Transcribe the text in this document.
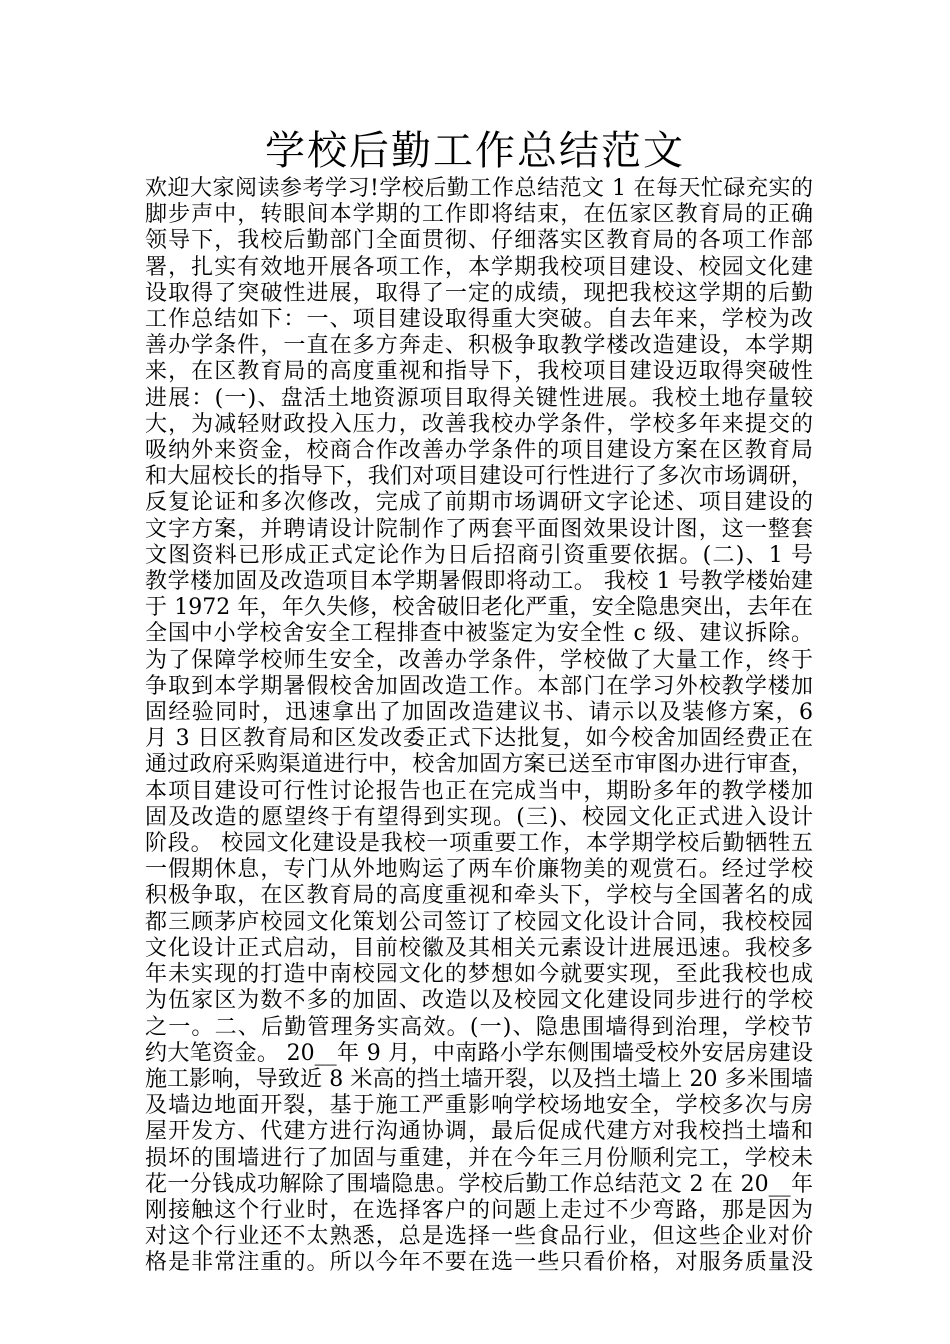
学校后勤工作总结范文

欢迎大家阅读参考学习!学校后勤工作总结范文 1 在每天忙碌充实的

脚步声中，转眼间本学期的工作即将结束，在伍家区教育局的正确

领导下，我校后勤部门全面贯彻、仔细落实区教育局的各项工作部

署，扎实有效地开展各项工作，本学期我校项目建设、校园文化建

设取得了突破性进展，取得了一定的成绩，现把我校这学期的后勤

工作总结如下：一、项目建设取得重大突破。自去年来，学校为改

善办学条件，一直在多方奔走、积极争取教学楼改造建设，本学期

来，在区教育局的高度重视和指导下，我校项目建设迈取得突破性

进展：(一)、盘活土地资源项目取得关键性进展。我校土地存量较

大，为减轻财政投入压力，改善我校办学条件，学校多年来提交的

吸纳外来资金，校商合作改善办学条件的项目建设方案在区教育局

和大屈校长的指导下，我们对项目建设可行性进行了多次市场调研，

反复论证和多次修改，完成了前期市场调研文字论述、项目建设的

文字方案，并聘请设计院制作了两套平面图效果设计图，这一整套

文图资料已形成正式定论作为日后招商引资重要依据。(二)、1 号

教学楼加固及改造项目本学期暑假即将动工。 我校 1 号教学楼始建

于 1972 年，年久失修，校舍破旧老化严重，安全隐患突出，去年在

全国中小学校舍安全工程排查中被鉴定为安全性 c 级、建议拆除。

为了保障学校师生安全，改善办学条件，学校做了大量工作，终于

争取到本学期暑假校舍加固改造工作。本部门在学习外校教学楼加

固经验同时，迅速拿出了加固改造建议书、请示以及装修方案，6

月 3 日区教育局和区发改委正式下达批复，如今校舍加固经费正在

通过政府采购渠道进行中，校舍加固方案已送至市审图办进行审查，

本项目建设可行性讨论报告也正在完成当中，期盼多年的教学楼加

固及改造的愿望终于有望得到实现。(三)、校园文化正式进入设计

阶段。 校园文化建设是我校一项重要工作，本学期学校后勤牺牲五

一假期休息，专门从外地购运了两车价廉物美的观赏石。经过学校

积极争取，在区教育局的高度重视和牵头下，学校与全国著名的成

都三顾茅庐校园文化策划公司签订了校园文化设计合同，我校校园

文化设计正式启动，目前校徽及其相关元素设计进展迅速。我校多

年未实现的打造中南校园文化的梦想如今就要实现，至此我校也成

为伍家区为数不多的加固、改造以及校园文化建设同步进行的学校

之一。二、后勤管理务实高效。(一)、隐患围墙得到治理，学校节

约大笔资金。 20__年 9 月，中南路小学东侧围墙受校外安居房建设

施工影响，导致近 8 米高的挡土墙开裂，以及挡土墙上 20 多米围墙

及墙边地面开裂，基于施工严重影响学校场地安全，学校多次与房

屋开发方、代建方进行沟通协调，最后促成代建方对我校挡土墙和

损坏的围墙进行了加固与重建，并在今年三月份顺利完工，学校未

花一分钱成功解除了围墙隐患。学校后勤工作总结范文 2 在 20__年

刚接触这个行业时，在选择客户的问题上走过不少弯路，那是因为

对这个行业还不太熟悉，总是选择一些食品行业，但这些企业对价

格是非常注重的。所以今年不要在选一些只看价格，对服务质量没
